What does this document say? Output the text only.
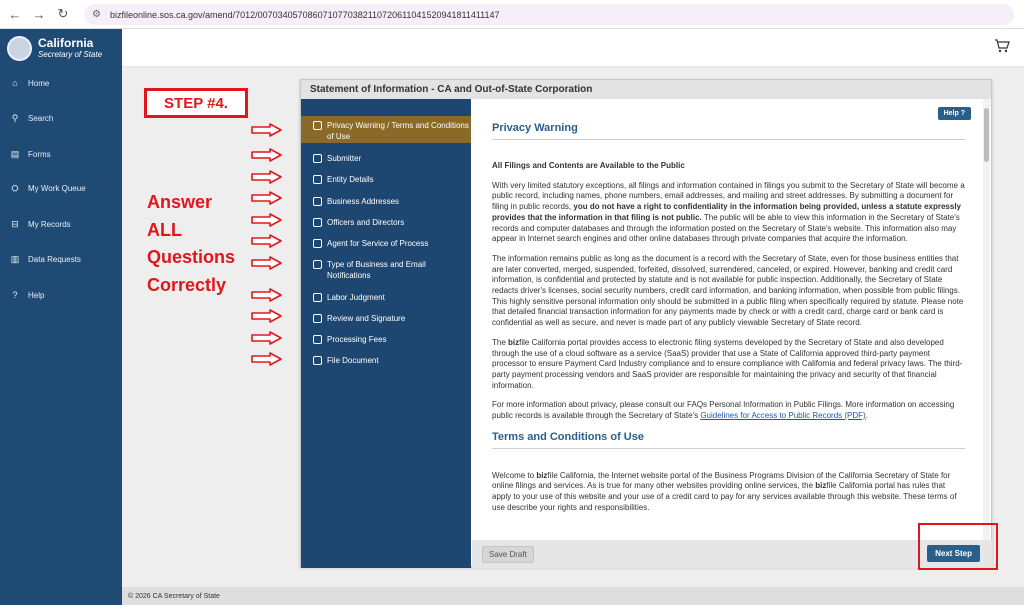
← → ↻	⚙	bizfileonline.sos.ca.gov/amend/7012/0070340570860710770382110720611041520941811411147
California
Secretary of State
⌂	Home
⚲	Search
▤ Forms
⛭	My Work Queue
⊟ My Records
▥ Data Requests
?	Help
Statement of Information - CA and Out-of-State Corporation
Privacy Warning / Terms and Conditions of Use
Submitter
Entity Details
Business Addresses
Officers and Directors
Agent for Service of Process
Type of Business and Email Notifications
Labor Judgment
Review and Signature
Processing Fees
File Document
Help ?
Privacy Warning

All Filings and Contents are Available to the Public

With very limited statutory exceptions, all filings and information contained in filings you submit to the Secretary of State will become a public record, including names, phone numbers, email addresses, and mailing and street addresses. By submitting a document for filing in public records, you do not have a right to confidentiality in the information being provided, unless a statute expressly provides that the information in that filing is not public. The public will be able to view this information in the Secretary of State's records and computer databases and through the information posted on the Secretary of State's website. This information also may appear in Internet search engines and other online databases through private companies that acquire the information.

The information remains public as long as the document is a record with the Secretary of State, even for those business entities that are later converted, merged, suspended, forfeited, dissolved, surrendered, canceled, or expired. However, banking and credit card information, is confidential and protected by statute and is not available for public inspection. Additionally, the Secretary of State redacts driver's licenses, social security numbers, credit card information, and banking information, when possible from public filings. This highly sensitive personal information only should be submitted in a public filing when specifically required by statute. Please note that detailed financial transaction information for any payments made by check or with a credit card, charge card or bank card is confidential as well as secure, and never is made part of any publicly viewable Secretary of State record.

The bizfile California portal provides access to electronic filing systems developed by the Secretary of State and also developed through the use of a cloud software as a service (SaaS) provider that use a State of California approved third-party payment processor to ensure Payment Card Industry compliance and to ensure compliance with California and federal privacy laws. The third-party payment processing vendors and SaaS provider are responsible for maintaining the privacy and security of that financial information.

For more information about privacy, please consult our FAQs Personal Information in Public Filings. More information on accessing public records is available through the Secretary of State's Guidelines for Access to Public Records (PDF).

Terms and Conditions of Use

Welcome to bizfile California, the Internet website portal of the Business Programs Division of the California Secretary of State for online filings and services. As is true for many other websites providing online services, the bizfile California portal has rules that apply to your use of this website and your use of a credit card to pay for any services available through this website. These terms of use describe your rights and responsibilities.

Save Draft	Next Step
© 2026 CA Secretary of State
STEP #4.
Answer
ALL
Questions
Correctly
